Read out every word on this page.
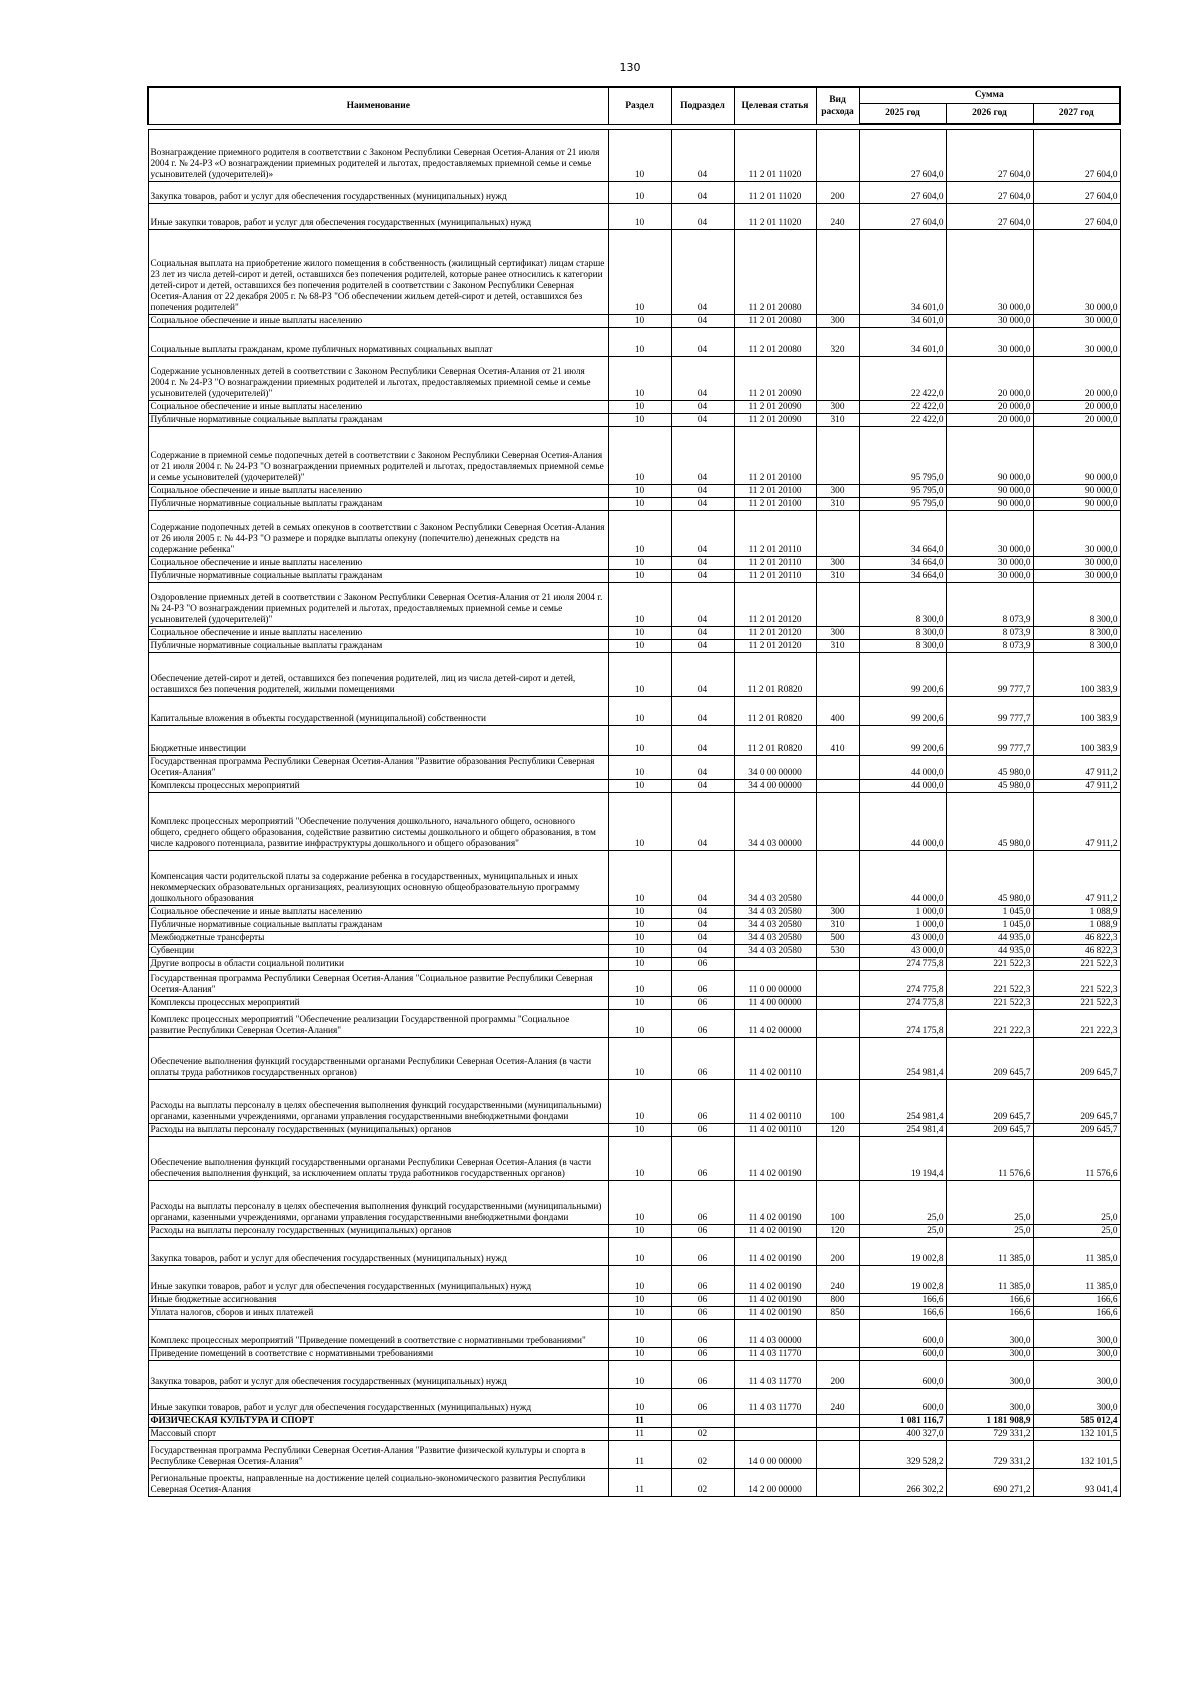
130
Наименование	Раздел	Подраздел	Целевая статья	Вид расхода	Сумма		
					2025 год	2026 год	2027 год

Вознаграждение приемного родителя в соответствии с Законом Республики Северная Осетия-Алания от 21 июля 2004 г. № 24-РЗ «О вознаграждении приемных родителей и льготах, предоставляемых приемной семье и семье усыновителей (удочерителей)»	10	04	11 2 01 11020		27 604,0	27 604,0	27 604,0
Закупка товаров, работ и услуг для обеспечения государственных (муниципальных) нужд	10	04	11 2 01 11020	200	27 604,0	27 604,0	27 604,0
Иные закупки товаров, работ и услуг для обеспечения государственных (муниципальных) нужд	10	04	11 2 01 11020	240	27 604,0	27 604,0	27 604,0
Социальная выплата на приобретение жилого помещения в собственность (жилищный сертификат) лицам старше 23 лет из числа детей-сирот и детей, оставшихся без попечения родителей, которые ранее относились к категории детей-сирот и детей, оставшихся без попечения родителей в соответствии с Законом Республики Северная Осетия-Алания от 22 декабря 2005 г. № 68-РЗ "Об обеспечении жильем детей-сирот и детей, оставшихся без попечения родителей"	10	04	11 2 01 20080		34 601,0	30 000,0	30 000,0
Социальное обеспечение и иные выплаты населению	10	04	11 2 01 20080	300	34 601,0	30 000,0	30 000,0
Социальные выплаты гражданам, кроме публичных нормативных социальных выплат	10	04	11 2 01 20080	320	34 601,0	30 000,0	30 000,0
Содержание усыновленных детей в соответствии с Законом Республики Северная Осетия-Алания от 21 июля 2004 г. № 24-РЗ "О вознаграждении приемных родителей и льготах, предоставляемых приемной семье и семье усыновителей (удочерителей)"	10	04	11 2 01 20090		22 422,0	20 000,0	20 000,0
Социальное обеспечение и иные выплаты населению	10	04	11 2 01 20090	300	22 422,0	20 000,0	20 000,0
Публичные нормативные социальные выплаты гражданам	10	04	11 2 01 20090	310	22 422,0	20 000,0	20 000,0
Содержание в приемной семье подопечных детей в соответствии с Законом Республики Северная Осетия-Алания от 21 июля 2004 г. № 24-РЗ "О вознаграждении приемных родителей и льготах, предоставляемых приемной семье и семье усыновителей (удочерителей)"	10	04	11 2 01 20100		95 795,0	90 000,0	90 000,0
Социальное обеспечение и иные выплаты населению	10	04	11 2 01 20100	300	95 795,0	90 000,0	90 000,0
Публичные нормативные социальные выплаты гражданам	10	04	11 2 01 20100	310	95 795,0	90 000,0	90 000,0
Содержание подопечных детей в семьях опекунов в соответствии с Законом Республики Северная Осетия-Алания от 26 июля 2005 г. № 44-РЗ "О размере и порядке выплаты опекуну (попечителю) денежных средств на содержание ребенка"	10	04	11 2 01 20110		34 664,0	30 000,0	30 000,0
Социальное обеспечение и иные выплаты населению	10	04	11 2 01 20110	300	34 664,0	30 000,0	30 000,0
Публичные нормативные социальные выплаты гражданам	10	04	11 2 01 20110	310	34 664,0	30 000,0	30 000,0
Оздоровление приемных детей в соответствии с Законом Республики Северная Осетия-Алания от 21 июля 2004 г. № 24-РЗ "О вознаграждении приемных родителей и льготах, предоставляемых приемной семье и семье усыновителей (удочерителей)"	10	04	11 2 01 20120		8 300,0	8 073,9	8 300,0
Социальное обеспечение и иные выплаты населению	10	04	11 2 01 20120	300	8 300,0	8 073,9	8 300,0
Публичные нормативные социальные выплаты гражданам	10	04	11 2 01 20120	310	8 300,0	8 073,9	8 300,0
Обеспечение детей-сирот и детей, оставшихся без попечения родителей, лиц из числа детей-сирот и детей, оставшихся без попечения родителей, жилыми помещениями	10	04	11 2 01 R0820		99 200,6	99 777,7	100 383,9
Капитальные вложения в объекты государственной (муниципальной) собственности	10	04	11 2 01 R0820	400	99 200,6	99 777,7	100 383,9
Бюджетные инвестиции	10	04	11 2 01 R0820	410	99 200,6	99 777,7	100 383,9
Государственная программа Республики Северная Осетия-Алания "Развитие образования Республики Северная Осетия-Алания"	10	04	34 0 00 00000		44 000,0	45 980,0	47 911,2
Комплексы процессных мероприятий	10	04	34 4 00 00000		44 000,0	45 980,0	47 911,2
Комплекс процессных мероприятий "Обеспечение получения дошкольного, начального общего, основного общего, среднего общего образования, содействие развитию системы дошкольного и общего образования, в том числе кадрового потенциала, развитие инфраструктуры дошкольного и общего образования"	10	04	34 4 03 00000		44 000,0	45 980,0	47 911,2
Компенсация части родительской платы за содержание ребенка в государственных, муниципальных и иных некоммерческих образовательных организациях, реализующих основную общеобразовательную программу дошкольного образования	10	04	34 4 03 20580		44 000,0	45 980,0	47 911,2
Социальное обеспечение и иные выплаты населению	10	04	34 4 03 20580	300	1 000,0	1 045,0	1 088,9
Публичные нормативные социальные выплаты гражданам	10	04	34 4 03 20580	310	1 000,0	1 045,0	1 088,9
Межбюджетные трансферты	10	04	34 4 03 20580	500	43 000,0	44 935,0	46 822,3
Субвенции	10	04	34 4 03 20580	530	43 000,0	44 935,0	46 822,3
Другие вопросы в области социальной политики	10	06			274 775,8	221 522,3	221 522,3
Государственная программа Республики Северная Осетия-Алания "Социальное развитие Республики Северная Осетия-Алания"	10	06	11 0 00 00000		274 775,8	221 522,3	221 522,3
Комплексы процессных мероприятий	10	06	11 4 00 00000		274 775,8	221 522,3	221 522,3
Комплекс процессных мероприятий "Обеспечение реализации Государственной программы "Социальное развитие Республики Северная Осетия-Алания"	10	06	11 4 02 00000		274 175,8	221 222,3	221 222,3
Обеспечение выполнения функций государственными органами Республики Северная Осетия-Алания (в части оплаты труда работников государственных органов)	10	06	11 4 02 00110		254 981,4	209 645,7	209 645,7
Расходы на выплаты персоналу в целях обеспечения выполнения функций государственными (муниципальными) органами, казенными учреждениями, органами управления государственными внебюджетными фондами	10	06	11 4 02 00110	100	254 981,4	209 645,7	209 645,7
Расходы на выплаты персоналу государственных (муниципальных) органов	10	06	11 4 02 00110	120	254 981,4	209 645,7	209 645,7
Обеспечение выполнения функций государственными органами Республики Северная Осетия-Алания (в части обеспечения выполнения функций, за исключением оплаты труда работников государственных органов)	10	06	11 4 02 00190		19 194,4	11 576,6	11 576,6
Расходы на выплаты персоналу в целях обеспечения выполнения функций государственными (муниципальными) органами, казенными учреждениями, органами управления государственными внебюджетными фондами	10	06	11 4 02 00190	100	25,0	25,0	25,0
Расходы на выплаты персоналу государственных (муниципальных) органов	10	06	11 4 02 00190	120	25,0	25,0	25,0
Закупка товаров, работ и услуг для обеспечения государственных (муниципальных) нужд	10	06	11 4 02 00190	200	19 002,8	11 385,0	11 385,0
Иные закупки товаров, работ и услуг для обеспечения государственных (муниципальных) нужд	10	06	11 4 02 00190	240	19 002,8	11 385,0	11 385,0
Иные бюджетные ассигнования	10	06	11 4 02 00190	800	166,6	166,6	166,6
Уплата налогов, сборов и иных платежей	10	06	11 4 02 00190	850	166,6	166,6	166,6
Комплекс процессных мероприятий "Приведение помещений в соответствие с нормативными требованиями"	10	06	11 4 03 00000		600,0	300,0	300,0
Приведение помещений в соответствие с нормативными требованиями	10	06	11 4 03 11770		600,0	300,0	300,0
Закупка товаров, работ и услуг для обеспечения государственных (муниципальных) нужд	10	06	11 4 03 11770	200	600,0	300,0	300,0
Иные закупки товаров, работ и услуг для обеспечения государственных (муниципальных) нужд	10	06	11 4 03 11770	240	600,0	300,0	300,0
ФИЗИЧЕСКАЯ КУЛЬТУРА И СПОРТ	11				1 081 116,7	1 181 908,9	585 012,4
Массовый спорт	11	02			400 327,0	729 331,2	132 101,5
Государственная программа Республики Северная Осетия-Алания "Развитие физической культуры и спорта в Республике Северная Осетия-Алания"	11	02	14 0 00 00000		329 528,2	729 331,2	132 101,5
Региональные проекты, направленные на достижение целей социально-экономического развития Республики Северная Осетия-Алания	11	02	14 2 00 00000		266 302,2	690 271,2	93 041,4
